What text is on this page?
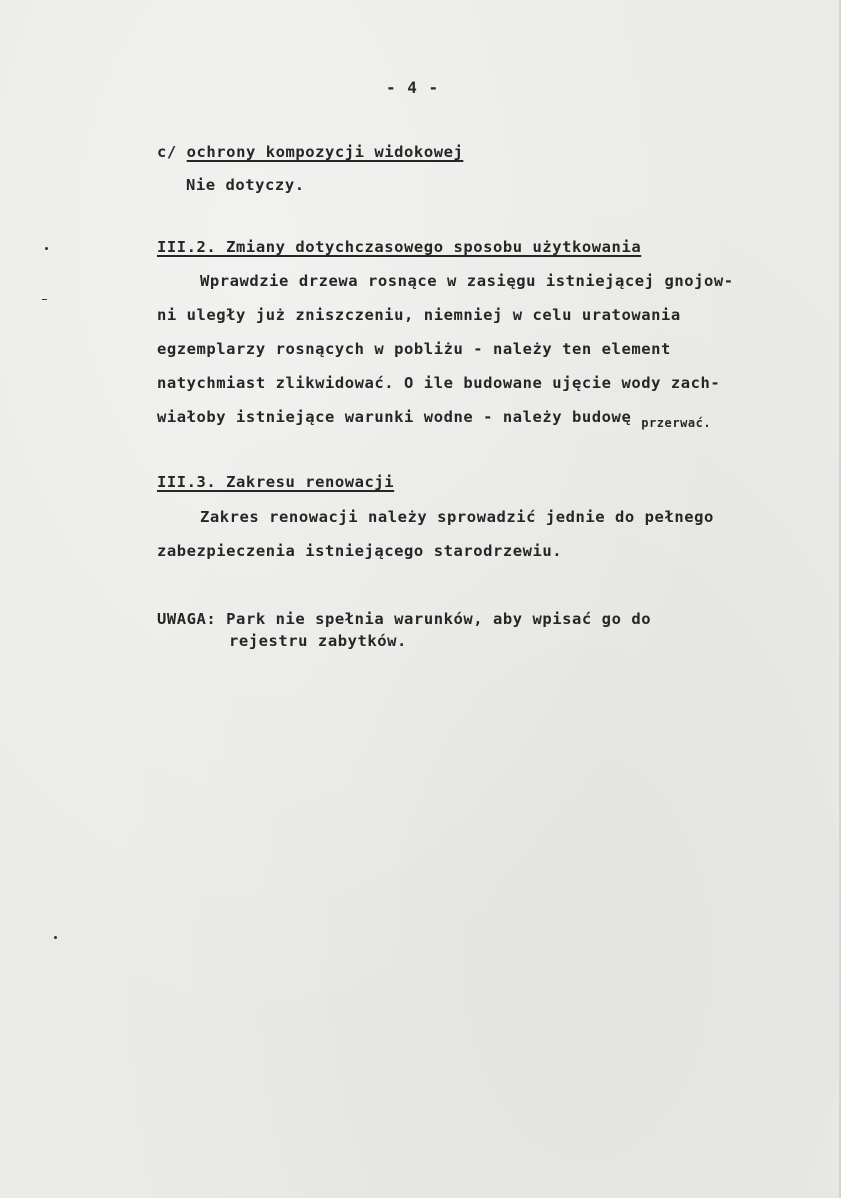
- 4 -
c/ ochrony kompozycji widokowej
Nie dotyczy.
III.2. Zmiany dotychczasowego sposobu użytkowania
Wprawdzie drzewa rosnące w zasięgu istniejącej gnojow-
ni uległy już zniszczeniu, niemniej w celu uratowania
egzemplarzy rosnących w pobliżu - należy ten element
natychmiast zlikwidować. O ile budowane ujęcie wody zach-
wiałoby istniejące warunki wodne - należy budowę $_{przerwać.}$
III.3. Zakresu renowacji
Zakres renowacji należy sprowadzić jednie do pełnego
zabezpieczenia istniejącego starodrzewiu.
UWAGA: Park nie spełnia warunków, aby wpisać go do
rejestru zabytków.
